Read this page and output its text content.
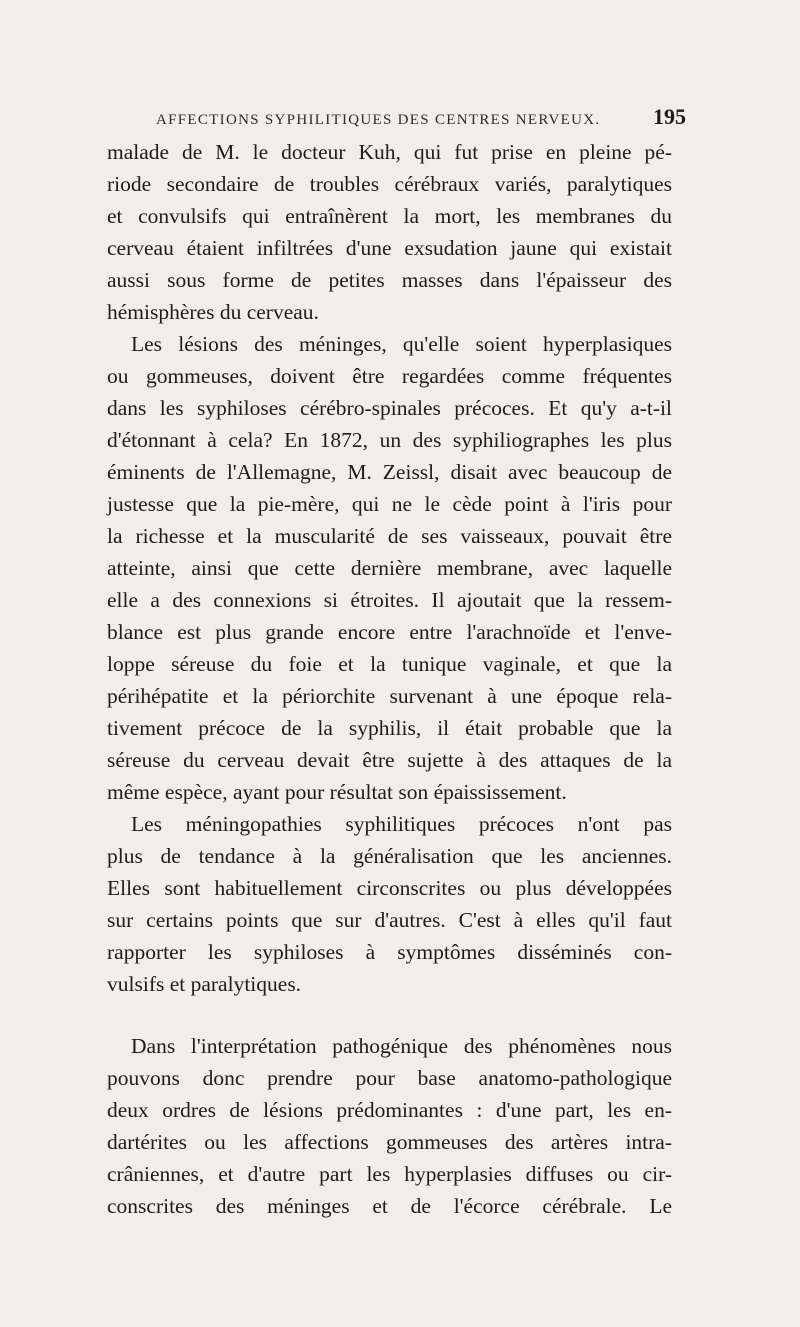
AFFECTIONS SYPHILITIQUES DES CENTRES NERVEUX. 195
malade de M. le docteur Kuh, qui fut prise en pleine pé-
riode secondaire de troubles cérébraux variés, paralytiques
et convulsifs qui entraînèrent la mort, les membranes du
cerveau étaient infiltrées d'une exsudation jaune qui existait
aussi sous forme de petites masses dans l'épaisseur des
hémisphères du cerveau.
Les lésions des méninges, qu'elle soient hyperplasiques
ou gommeuses, doivent être regardées comme fréquentes
dans les syphiloses cérébro-spinales précoces. Et qu'y a-t-il
d'étonnant à cela? En 1872, un des syphiliographes les plus
éminents de l'Allemagne, M. Zeissl, disait avec beaucoup de
justesse que la pie-mère, qui ne le cède point à l'iris pour
la richesse et la muscularité de ses vaisseaux, pouvait être
atteinte, ainsi que cette dernière membrane, avec laquelle
elle a des connexions si étroites. Il ajoutait que la ressem-
blance est plus grande encore entre l'arachnoïde et l'enve-
loppe séreuse du foie et la tunique vaginale, et que la
périhépatite et la périorchite survenant à une époque rela-
tivement précoce de la syphilis, il était probable que la
séreuse du cerveau devait être sujette à des attaques de la
même espèce, ayant pour résultat son épaississement.
Les méningopathies syphilitiques précoces n'ont pas
plus de tendance à la généralisation que les anciennes.
Elles sont habituellement circonscrites ou plus développées
sur certains points que sur d'autres. C'est à elles qu'il faut
rapporter les syphiloses à symptômes disséminés con-
vulsifs et paralytiques.
Dans l'interprétation pathogénique des phénomènes nous
pouvons donc prendre pour base anatomo-pathologique
deux ordres de lésions prédominantes : d'une part, les en-
dartérites ou les affections gommeuses des artères intra-
crâniennes, et d'autre part les hyperplasies diffuses ou cir-
conscrites des méninges et de l'écorce cérébrale. Le
